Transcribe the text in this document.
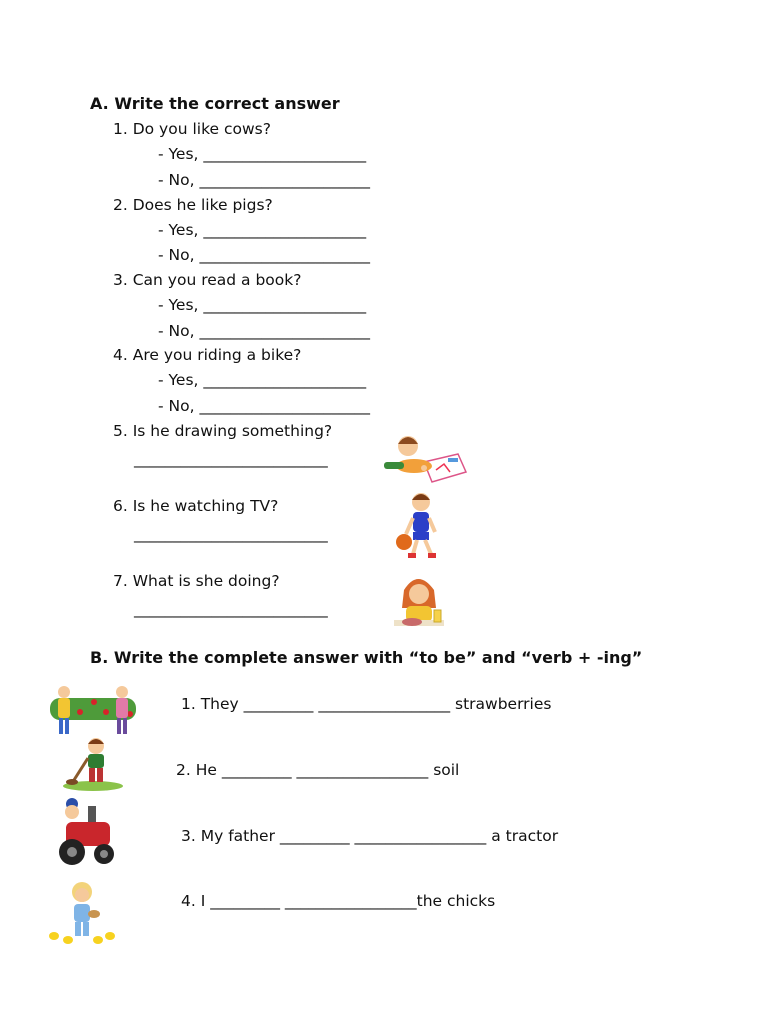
A. Write the correct answer
1. Do you like cows?
- Yes, _____________________
- No, ______________________
2. Does he like pigs?
- Yes, _____________________
- No, ______________________
3. Can you read a book?
- Yes, _____________________
- No, ______________________
4. Are you riding a bike?
- Yes, _____________________
- No, ______________________
5. Is he drawing something?
_________________________
6. Is he watching TV?
_________________________
7. What is she doing?
_________________________
B. Write the complete answer with “to be” and “verb + -ing”
1. They _________ _________________ strawberries
2. He _________ _________________ soil
3. My father _________ _________________ a tractor
4. I _________ _________________the chicks
